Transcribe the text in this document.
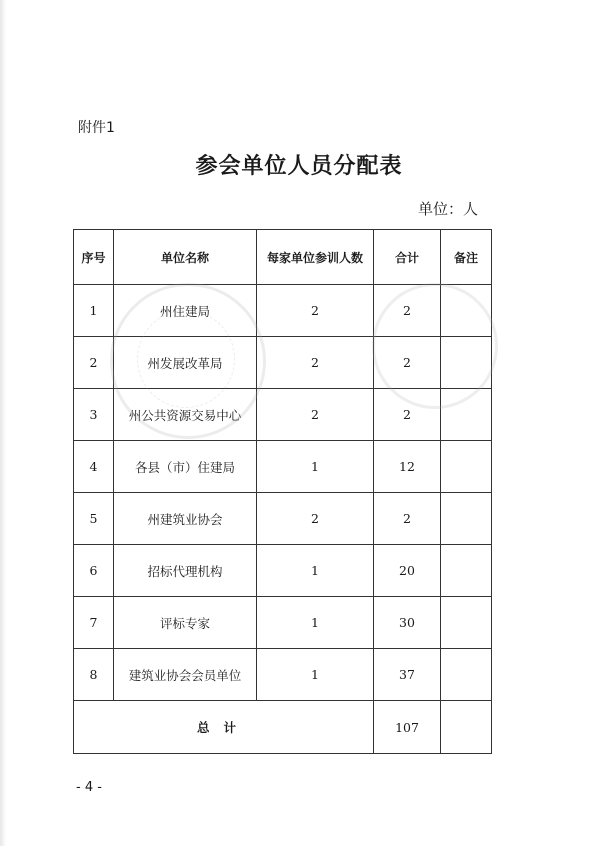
附件1
参会单位人员分配表
单位：人
序号	单位名称	每家单位参训人数	合计	备注
1	州住建局	2	2	
2	州发展改革局	2	2	
3	州公共资源交易中心	2	2	
4	各县（市）住建局	1	12	
5	州建筑业协会	2	2	
6	招标代理机构	1	20	
7	评标专家	1	30	
8	建筑业协会会员单位	1	37	
总计			107	
- 4 -
